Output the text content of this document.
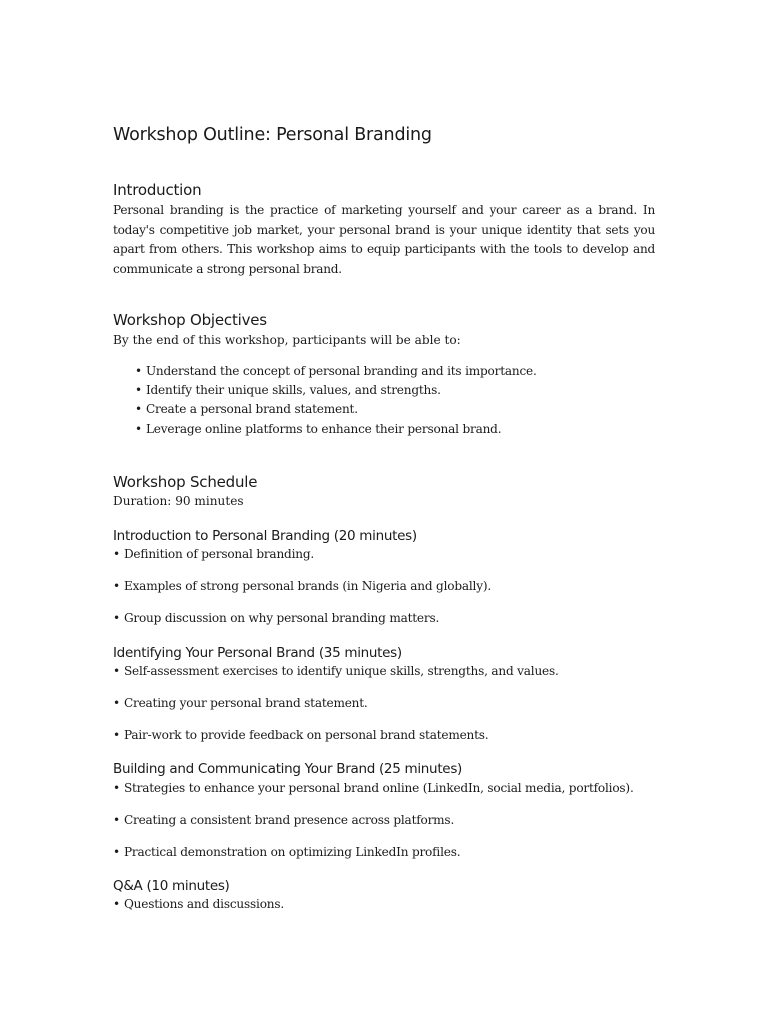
Workshop Outline: Personal Branding
Introduction

Personal branding is the practice of marketing yourself and your career as a brand. In today's competitive job market, your personal brand is your unique identity that sets you apart from others. This workshop aims to equip participants with the tools to develop and communicate a strong personal brand.

Workshop Objectives

By the end of this workshop, participants will be able to:

• Understand the concept of personal branding and its importance.
• Identify their unique skills, values, and strengths.
• Create a personal brand statement.
• Leverage online platforms to enhance their personal brand.
Workshop Schedule

Duration: 90 minutes

Introduction to Personal Branding (20 minutes)

• Definition of personal branding.

• Examples of strong personal brands (in Nigeria and globally).

• Group discussion on why personal branding matters.

Identifying Your Personal Brand (35 minutes)

• Self-assessment exercises to identify unique skills, strengths, and values.

• Creating your personal brand statement.

• Pair-work to provide feedback on personal brand statements.

Building and Communicating Your Brand (25 minutes)

• Strategies to enhance your personal brand online (LinkedIn, social media, portfolios).

• Creating a consistent brand presence across platforms.

• Practical demonstration on optimizing LinkedIn profiles.

Q&A (10 minutes)

• Questions and discussions.
